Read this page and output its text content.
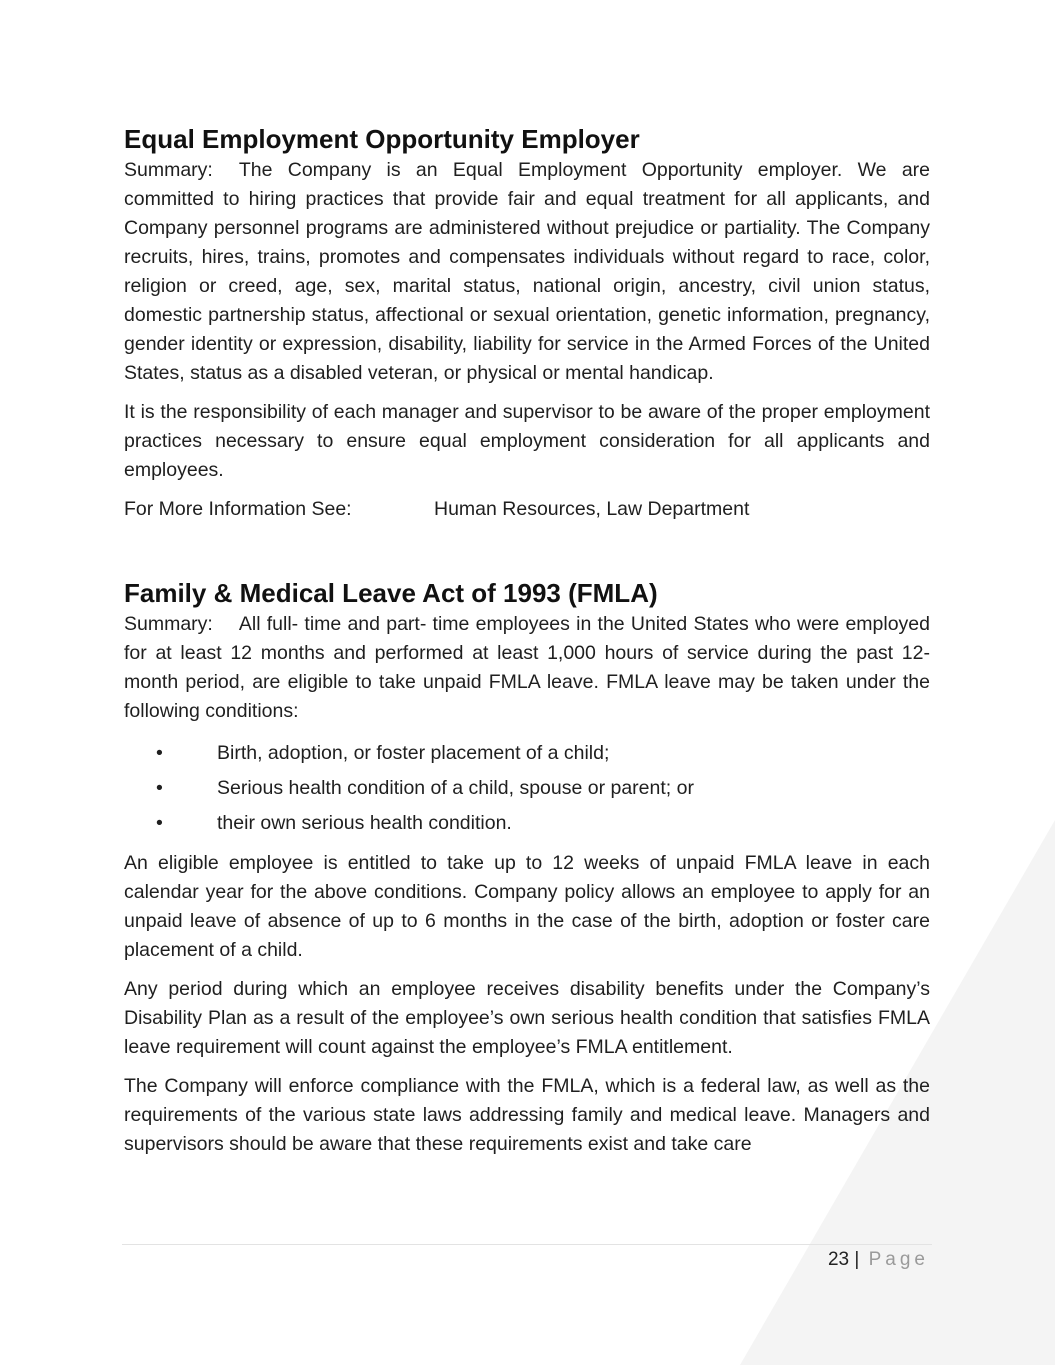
Equal Employment Opportunity Employer

Summary: The Company is an Equal Employment Opportunity employer. We are committed to hiring practices that provide fair and equal treatment for all applicants, and Company personnel programs are administered without prejudice or partiality. The Company recruits, hires, trains, promotes and compensates individuals without regard to race, color, religion or creed, age, sex, marital status, national origin, ancestry, civil union status, domestic partnership status, affectional or sexual orientation, genetic information, pregnancy, gender identity or expression, disability, liability for service in the Armed Forces of the United States, status as a disabled veteran, or physical or mental handicap.

It is the responsibility of each manager and supervisor to be aware of the proper employment practices necessary to ensure equal employment consideration for all applicants and employees.

For More Information See:	Human Resources, Law Department
Family & Medical Leave Act of 1993 (FMLA)

Summary: All full- time and part- time employees in the United States who were employed for at least 12 months and performed at least 1,000 hours of service during the past 12-month period, are eligible to take unpaid FMLA leave. FMLA leave may be taken under the following conditions:

•	Birth, adoption, or foster placement of a child;
•	Serious health condition of a child, spouse or parent; or
•	their own serious health condition.

An eligible employee is entitled to take up to 12 weeks of unpaid FMLA leave in each calendar year for the above conditions. Company policy allows an employee to apply for an unpaid leave of absence of up to 6 months in the case of the birth, adoption or foster care placement of a child.

Any period during which an employee receives disability benefits under the Company’s Disability Plan as a result of the employee’s own serious health condition that satisfies FMLA leave requirement will count against the employee’s FMLA entitlement.

The Company will enforce compliance with the FMLA, which is a federal law, as well as the requirements of the various state laws addressing family and medical leave. Managers and supervisors should be aware that these requirements exist and take care

23 | Page
